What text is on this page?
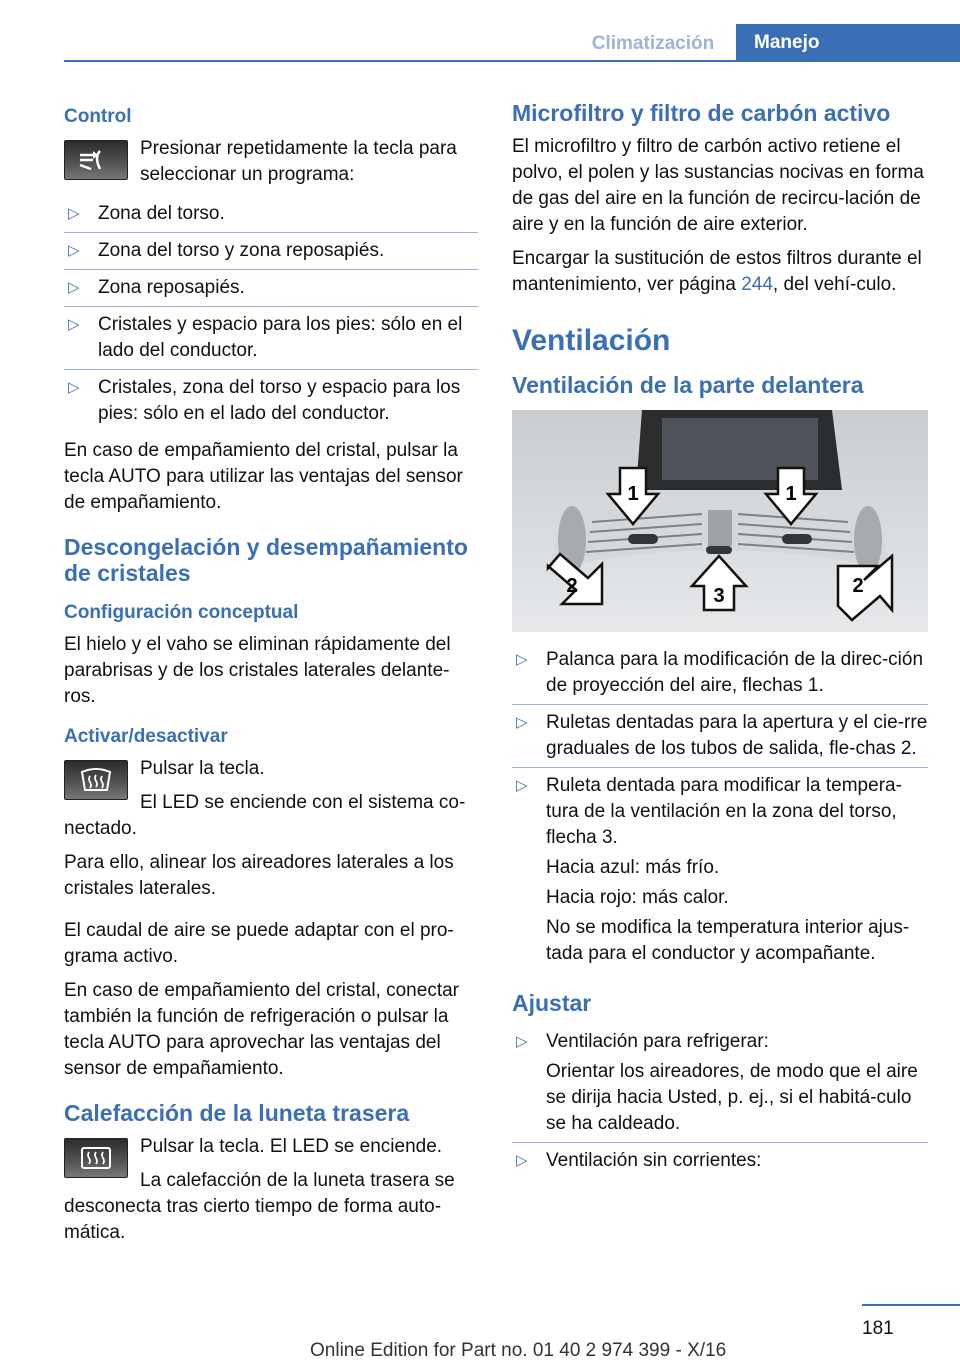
Climatización	Manejo
Control

Presionar repetidamente la tecla para seleccionar un programa:

▷ Zona del torso.
▷ Zona del torso y zona reposapiés.
▷ Zona reposapiés.
▷ Cristales y espacio para los pies: sólo en el lado del conductor.
▷ Cristales, zona del torso y espacio para los pies: sólo en el lado del conductor.

En caso de empañamiento del cristal, pulsar la tecla AUTO para utilizar las ventajas del sensor de empañamiento.

Descongelación y desempañamiento de cristales
Configuración conceptual

El hielo y el vaho se eliminan rápidamente del parabrisas y de los cristales laterales delante-ros.

Activar/desactivar

Pulsar la tecla.

El LED se enciende con el sistema co-nectado.

Para ello, alinear los aireadores laterales a los cristales laterales.

El caudal de aire se puede adaptar con el pro-grama activo.

En caso de empañamiento del cristal, conectar también la función de refrigeración o pulsar la tecla AUTO para aprovechar las ventajas del sensor de empañamiento.

Calefacción de la luneta trasera

Pulsar la tecla. El LED se enciende.

La calefacción de la luneta trasera se desconecta tras cierto tiempo de forma auto-mática.

Microfiltro y filtro de carbón activo

El microfiltro y filtro de carbón activo retiene el polvo, el polen y las sustancias nocivas en forma de gas del aire en la función de recircu-lación de aire y en la función de aire exterior.

Encargar la sustitución de estos filtros durante el mantenimiento, ver página 244, del vehí-culo.

Ventilación
Ventilación de la parte delantera
1	1
2	3	2
▷ Palanca para la modificación de la direc-ción de proyección del aire, flechas 1.
▷ Ruletas dentadas para la apertura y el cie-rre graduales de los tubos de salida, fle-chas 2.
▷ Ruleta dentada para modificar la tempera-tura de la ventilación en la zona del torso, flecha 3.

Hacia azul: más frío.

Hacia rojo: más calor.

No se modifica la temperatura interior ajus-tada para el conductor y acompañante.

Ajustar
▷ Ventilación para refrigerar:

Orientar los aireadores, de modo que el aire se dirija hacia Usted, p. ej., si el habitá-culo se ha caldeado.

▷ Ventilación sin corrientes:
181
Online Edition for Part no. 01 40 2 974 399 - X/16
